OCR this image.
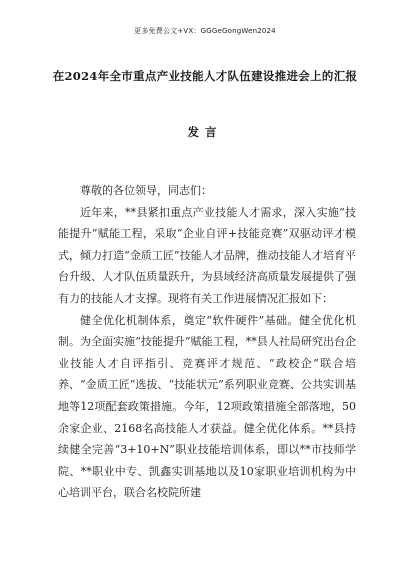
更多免费公文+VX：GGGeGongWen2024
在2024年全市重点产业技能人才队伍建设推进会上的汇报
发言

尊敬的各位领导，同志们：

近年来，**县紧扣重点产业技能人才需求，深入实施“技能提升”赋能工程，采取“企业自评+技能竞赛”双驱动评才模式，倾力打造“金质工匠”技能人才品牌，推动技能人才培育平台升级、人才队伍质量跃升，为县域经济高质量发展提供了强有力的技能人才支撑。现将有关工作进展情况汇报如下：

健全优化机制体系，奠定“软件硬件”基础。健全优化机制。为全面实施“技能提升”赋能工程，**县人社局研究出台企业技能人才自评指引、竞赛评才规范、“政校企”联合培养、“金质工匠”选拔、“技能状元”系列职业竞赛、公共实训基地等12项配套政策措施。今年，12项政策措施全部落地，50余家企业、2168名高技能人才获益。健全优化体系。**县持续健全完善“3+10+N”职业技能培训体系，即以**市技师学院、**职业中专、凯鑫实训基地以及10家职业培训机构为中心培训平台，联合名校院所建
